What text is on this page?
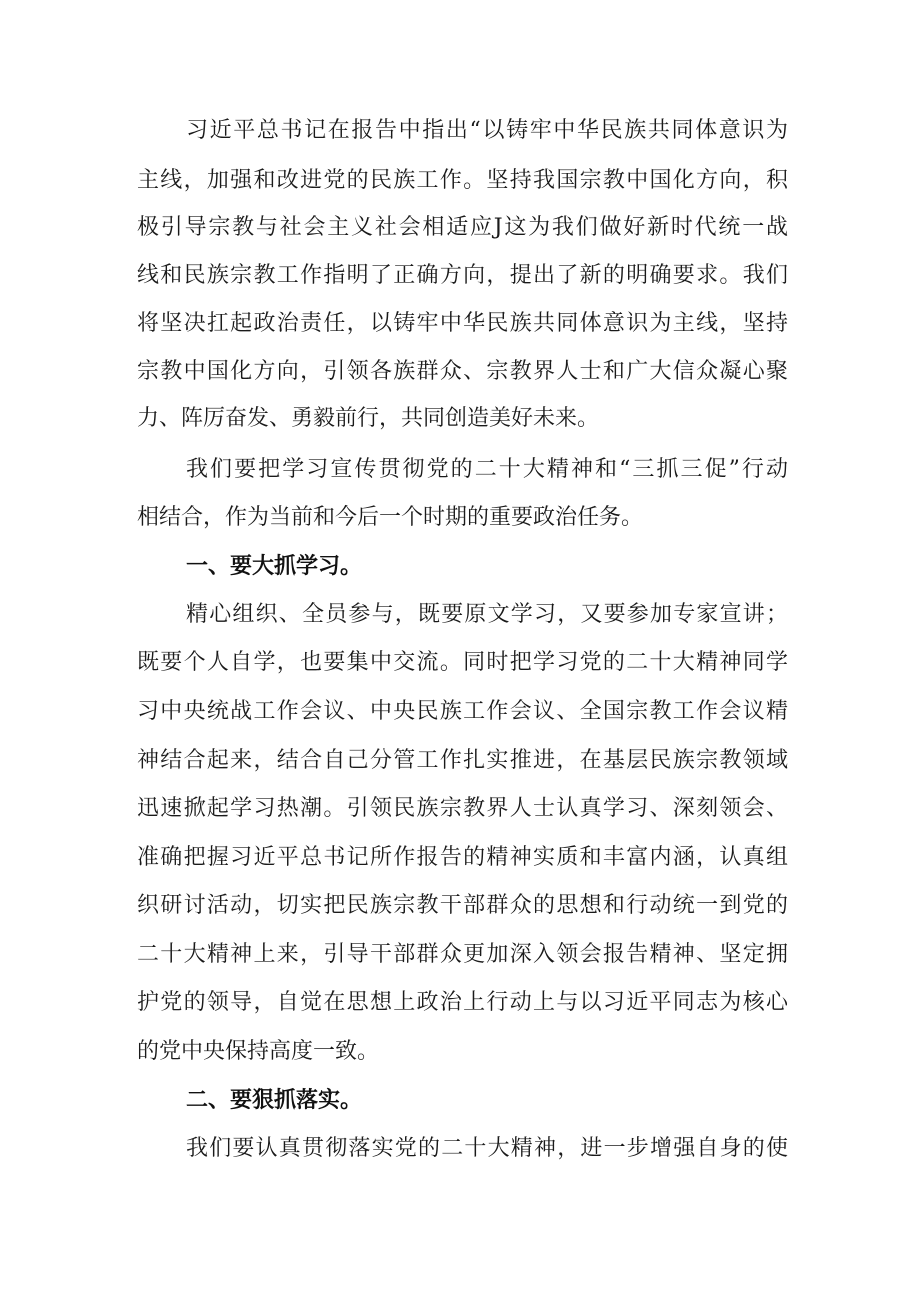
习近平总书记在报告中指出“以铸牢中华民族共同体意识为
主线，加强和改进党的民族工作。坚持我国宗教中国化方向，积
极引导宗教与社会主义社会相适应J这为我们做好新时代统一战
线和民族宗教工作指明了正确方向，提出了新的明确要求。我们
将坚决扛起政治责任，以铸牢中华民族共同体意识为主线，坚持
宗教中国化方向，引领各族群众、宗教界人士和广大信众凝心聚
力、阵厉奋发、勇毅前行，共同创造美好未来。
我们要把学习宣传贯彻党的二十大精神和“三抓三促”行动
相结合，作为当前和今后一个时期的重要政治任务。
一、要大抓学习。
精心组织、全员参与，既要原文学习，又要参加专家宣讲；
既要个人自学，也要集中交流。同时把学习党的二十大精神同学
习中央统战工作会议、中央民族工作会议、全国宗教工作会议精
神结合起来，结合自己分管工作扎实推进，在基层民族宗教领域
迅速掀起学习热潮。引领民族宗教界人士认真学习、深刻领会、
准确把握习近平总书记所作报告的精神实质和丰富内涵，认真组
织研讨活动，切实把民族宗教干部群众的思想和行动统一到党的
二十大精神上来，引导干部群众更加深入领会报告精神、坚定拥
护党的领导，自觉在思想上政治上行动上与以习近平同志为核心
的党中央保持高度一致。
二、要狠抓落实。
我们要认真贯彻落实党的二十大精神，进一步增强自身的使
